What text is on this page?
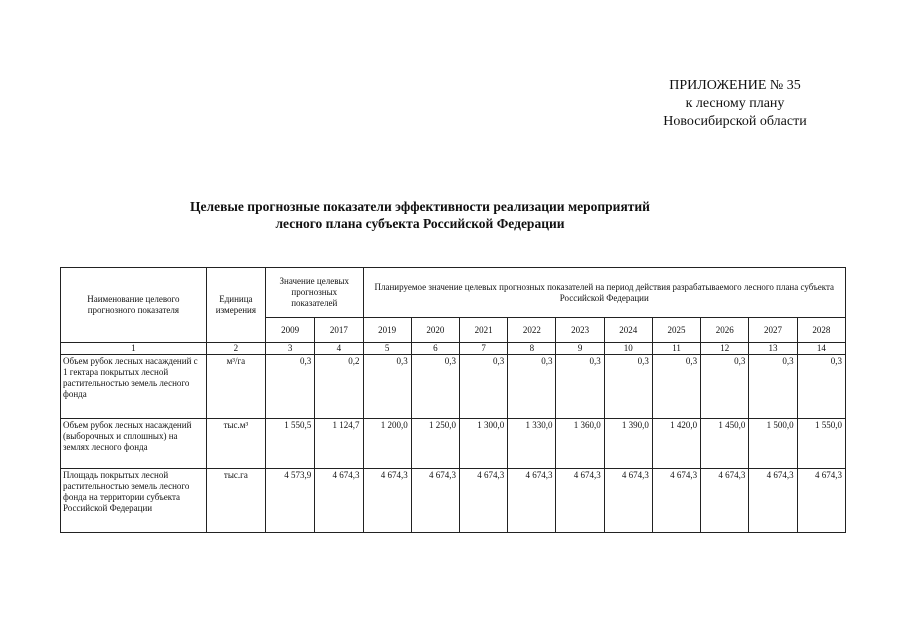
ПРИЛОЖЕНИЕ № 35
к лесному плану
Новосибирской области
Целевые прогнозные показатели эффективности реализации мероприятий
лесного плана субъекта Российской Федерации
Наименование целевого прогнозного показателя	Единица измерения	Значение целевых прогнозных показателей		Планируемое значение целевых прогнозных показателей на период действия разрабатываемого лесного плана субъекта Российской Федерации									
		2009	2017	2019	2020	2021	2022	2023	2024	2025	2026	2027	2028
1	2	3	4	5	6	7	8	9	10	11	12	13	14
Объем рубок лесных насаждений с 1 гектара покрытых лесной растительностью земель лесного фонда	м³/га	0,3	0,2	0,3	0,3	0,3	0,3	0,3	0,3	0,3	0,3	0,3	0,3
Объем рубок лесных насаждений (выборочных и сплошных) на землях лесного фонда	тыс.м³	1 550,5	1 124,7	1 200,0	1 250,0	1 300,0	1 330,0	1 360,0	1 390,0	1 420,0	1 450,0	1 500,0	1 550,0
Площадь покрытых лесной растительностью земель лесного фонда на территории субъекта Российской Федерации	тыс.га	4 573,9	4 674,3	4 674,3	4 674,3	4 674,3	4 674,3	4 674,3	4 674,3	4 674,3	4 674,3	4 674,3	4 674,3
